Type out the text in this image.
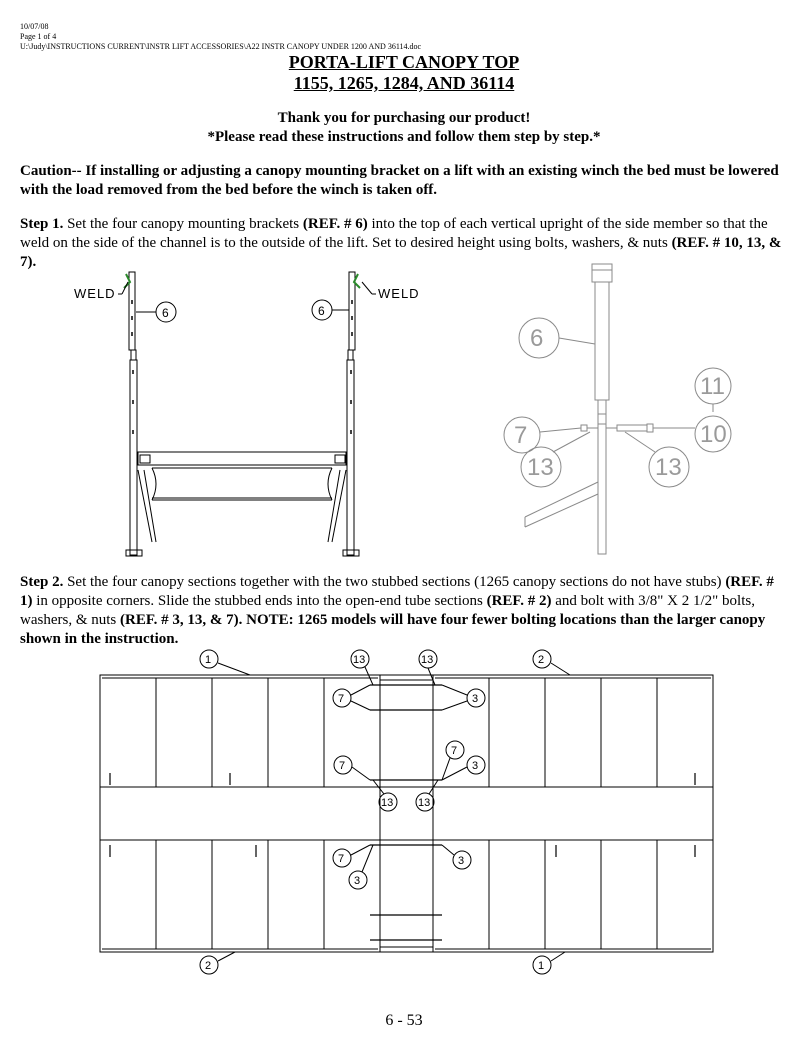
10/07/08
Page 1 of 4
U:\Judy\INSTRUCTIONS CURRENT\INSTR LIFT ACCESSORIES\A22 INSTR CANOPY UNDER 1200 AND 36114.doc
PORTA-LIFT CANOPY TOP
1155, 1265, 1284, AND 36114
Thank you for purchasing our product!
*Please read these instructions and follow them step by step.*
Caution-- If installing or adjusting a canopy mounting bracket on a lift with an existing winch the bed must be lowered with the load removed from the bed before the winch is taken off.
Step 1. Set the four canopy mounting brackets (REF. # 6) into the top of each vertical upright of the side member so that the weld on the side of the channel is to the outside of the lift. Set to desired height using bolts, washers, & nuts (REF. # 10, 13, & 7).
WELD	WELD
6	6
6
11
7	10
13	13
Step 2. Set the four canopy sections together with the two stubbed sections (1265 canopy sections do not have stubs) (REF. # 1) in opposite corners. Slide the stubbed ends into the open-end tube sections (REF. # 2) and bolt with 3/8" X 2 1/2" bolts, washers, & nuts (REF. # 3, 13, & 7). NOTE: 1265 models will have four fewer bolting locations than the larger canopy shown in the instruction.
1	2
13	13
7	3
7
3
7
3
13 13
7	3
2	1
6 - 53
